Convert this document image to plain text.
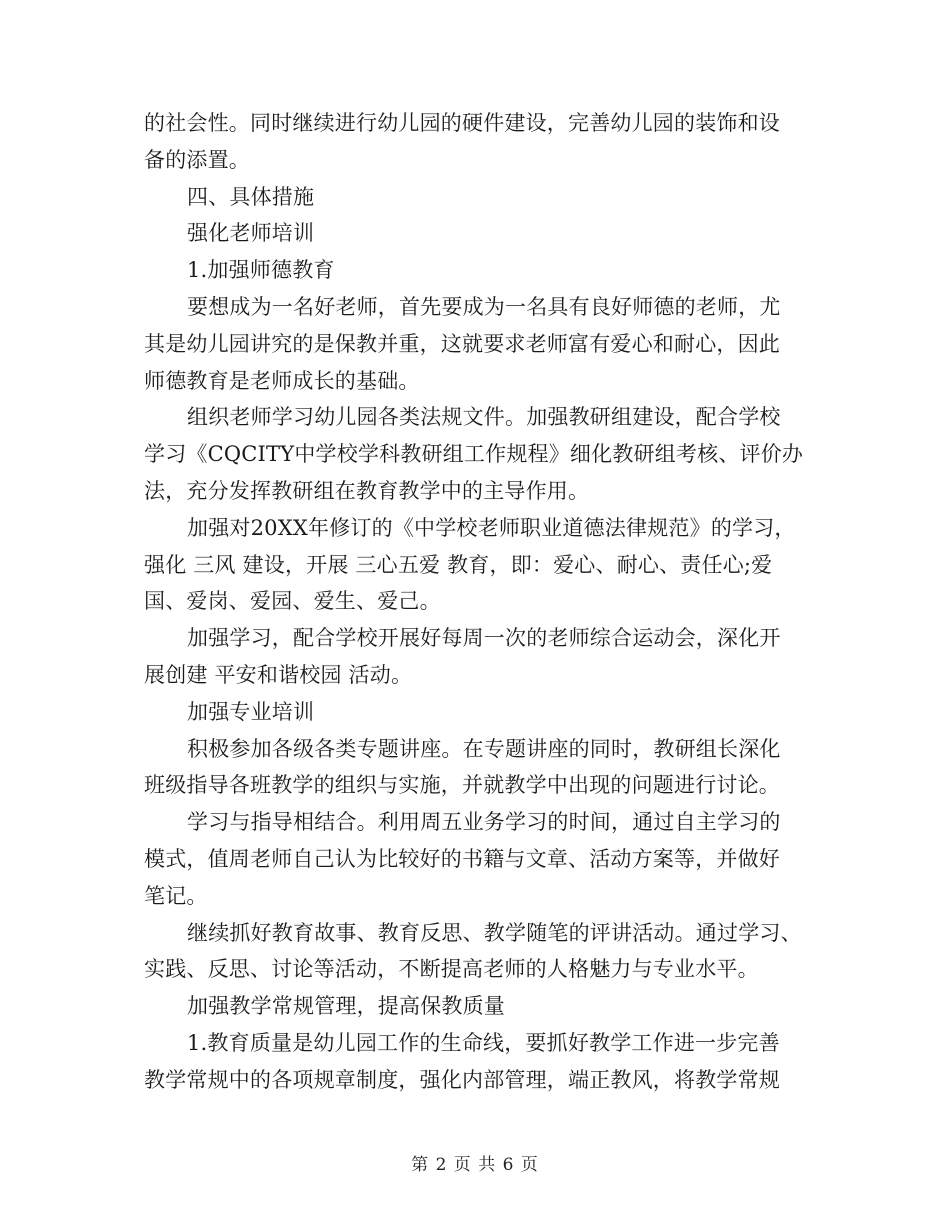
的社会性。同时继续进行幼儿园的硬件建设，完善幼儿园的装饰和设
备的添置。
四、具体措施
强化老师培训
1.加强师德教育
要想成为一名好老师，首先要成为一名具有良好师德的老师，尤
其是幼儿园讲究的是保教并重，这就要求老师富有爱心和耐心，因此
师德教育是老师成长的基础。
组织老师学习幼儿园各类法规文件。加强教研组建设，配合学校
学习《CQCITY中学校学科教研组工作规程》细化教研组考核、评价办
法，充分发挥教研组在教育教学中的主导作用。
加强对20XX年修订的《中学校老师职业道德法律规范》的学习，
强化 三风 建设，开展 三心五爱 教育，即：爱心、耐心、责任心;爱
国、爱岗、爱园、爱生、爱己。
加强学习，配合学校开展好每周一次的老师综合运动会，深化开
展创建 平安和谐校园 活动。
加强专业培训
积极参加各级各类专题讲座。在专题讲座的同时，教研组长深化
班级指导各班教学的组织与实施，并就教学中出现的问题进行讨论。
学习与指导相结合。利用周五业务学习的时间，通过自主学习的
模式，值周老师自己认为比较好的书籍与文章、活动方案等，并做好
笔记。
继续抓好教育故事、教育反思、教学随笔的评讲活动。通过学习、
实践、反思、讨论等活动，不断提高老师的人格魅力与专业水平。
加强教学常规管理，提高保教质量
1.教育质量是幼儿园工作的生命线，要抓好教学工作进一步完善
教学常规中的各项规章制度，强化内部管理，端正教风，将教学常规
第 2 页 共 6 页
